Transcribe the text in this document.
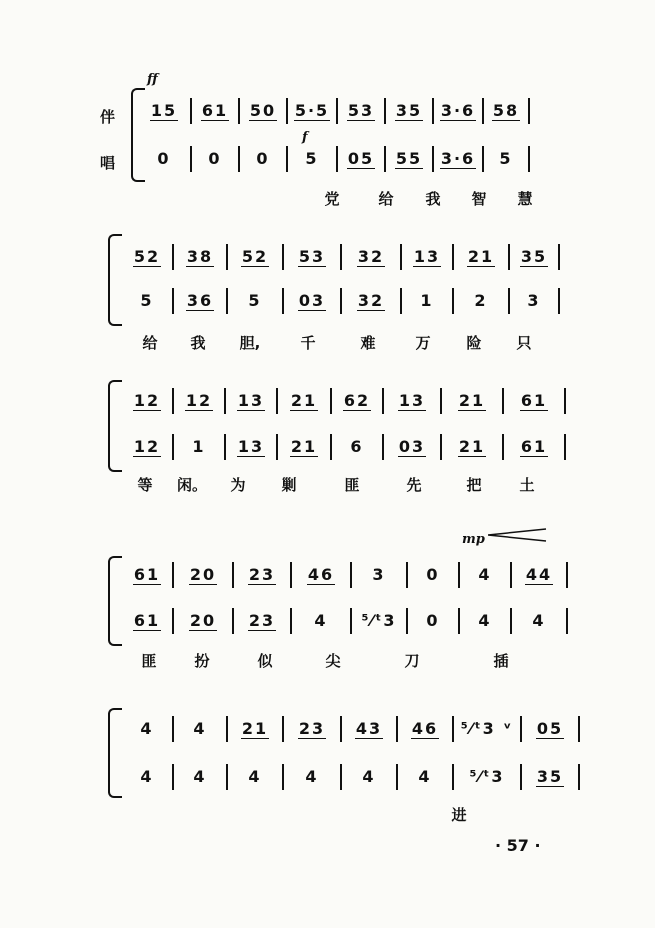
ff
伴
唱
15 61 50 5·5 53 35 3·6 58
f
0 0 0 5 05 55 3·6 5
党	给	我	智	慧
52 38 52 53 32 13 21 35
5 36 5 03 32 1	2 3
给	我	胆,	千	难	万	险	只
12 12 13 21 62 13 21 61
12 1 13 21 6 03 21 61
等	闲。	为	剿	匪	先	把	土
mp
61 20 23 46 3	0 4 44
61 20 23 4 ⁵⁄ᵗ3 0 4	4
匪	扮	似	尖	刀	插
4 4 21 23 43 46 ⁵⁄ᵗ3 ᵛ 05
4 4	4	4	4	4 ⁵⁄ᵗ3 35
进
· 57 ·
